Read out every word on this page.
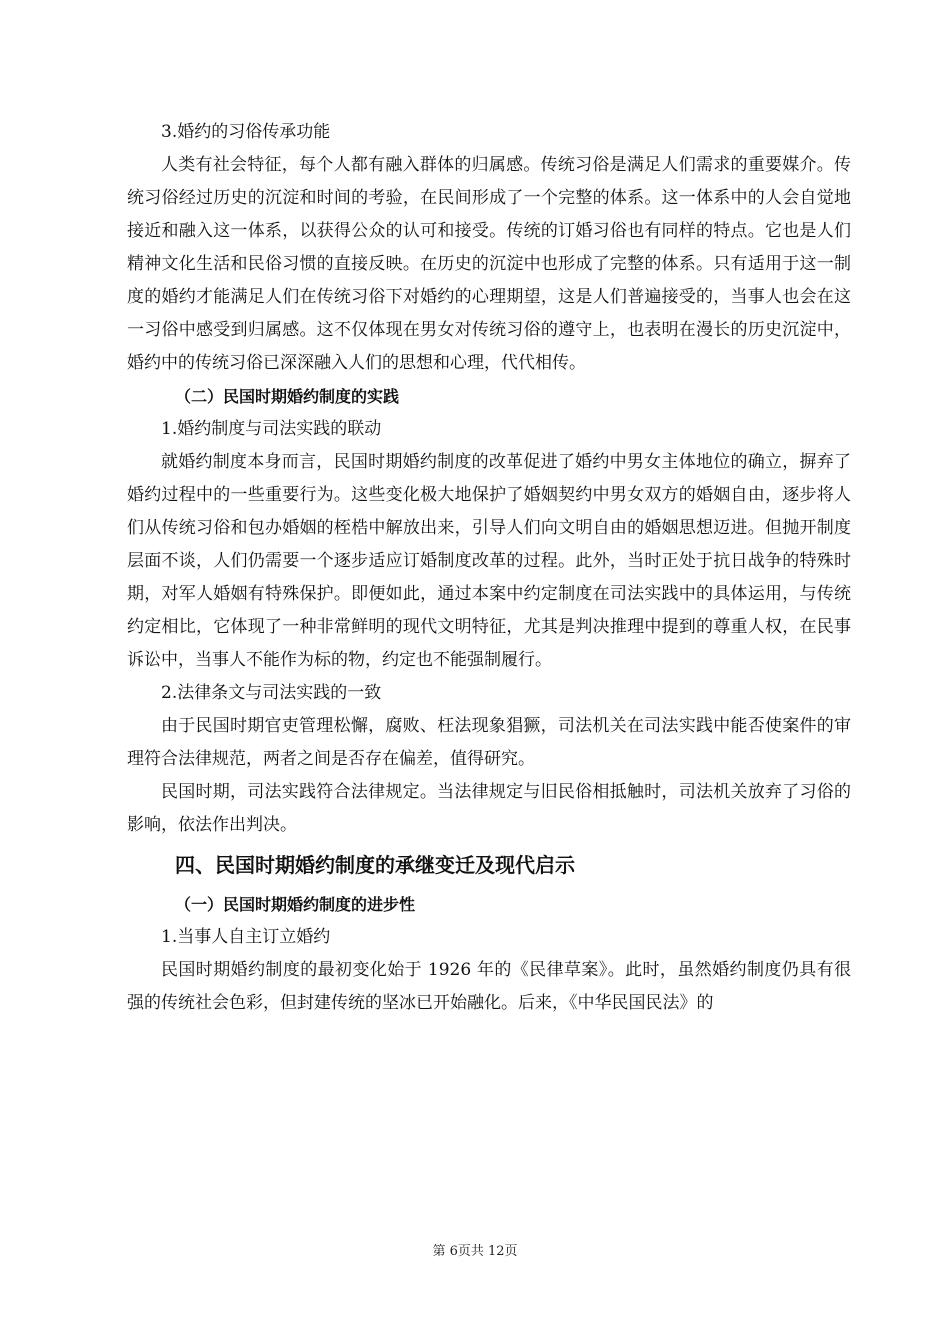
3.婚约的习俗传承功能

人类有社会特征，每个人都有融入群体的归属感。传统习俗是满足人们需求的重要媒介。传统习俗经过历史的沉淀和时间的考验，在民间形成了一个完整的体系。这一体系中的人会自觉地接近和融入这一体系，以获得公众的认可和接受。传统的订婚习俗也有同样的特点。它也是人们精神文化生活和民俗习惯的直接反映。在历史的沉淀中也形成了完整的体系。只有适用于这一制度的婚约才能满足人们在传统习俗下对婚约的心理期望，这是人们普遍接受的，当事人也会在这一习俗中感受到归属感。这不仅体现在男女对传统习俗的遵守上，也表明在漫长的历史沉淀中，婚约中的传统习俗已深深融入人们的思想和心理，代代相传。

（二）民国时期婚约制度的实践

1.婚约制度与司法实践的联动

就婚约制度本身而言，民国时期婚约制度的改革促进了婚约中男女主体地位的确立，摒弃了婚约过程中的一些重要行为。这些变化极大地保护了婚姻契约中男女双方的婚姻自由，逐步将人们从传统习俗和包办婚姻的桎梏中解放出来，引导人们向文明自由的婚姻思想迈进。但抛开制度层面不谈，人们仍需要一个逐步适应订婚制度改革的过程。此外，当时正处于抗日战争的特殊时期，对军人婚姻有特殊保护。即便如此，通过本案中约定制度在司法实践中的具体运用，与传统约定相比，它体现了一种非常鲜明的现代文明特征，尤其是判决推理中提到的尊重人权，在民事诉讼中，当事人不能作为标的物，约定也不能强制履行。

2.法律条文与司法实践的一致

由于民国时期官吏管理松懈，腐败、枉法现象猖獗，司法机关在司法实践中能否使案件的审理符合法律规范，两者之间是否存在偏差，值得研究。

民国时期，司法实践符合法律规定。当法律规定与旧民俗相抵触时，司法机关放弃了习俗的影响，依法作出判决。

四、民国时期婚约制度的承继变迁及现代启示

（一）民国时期婚约制度的进步性

1.当事人自主订立婚约

民国时期婚约制度的最初变化始于 1926 年的《民律草案》。此时，虽然婚约制度仍具有很强的传统社会色彩，但封建传统的坚冰已开始融化。后来，《中华民国民法》的

第 6页共 12页
